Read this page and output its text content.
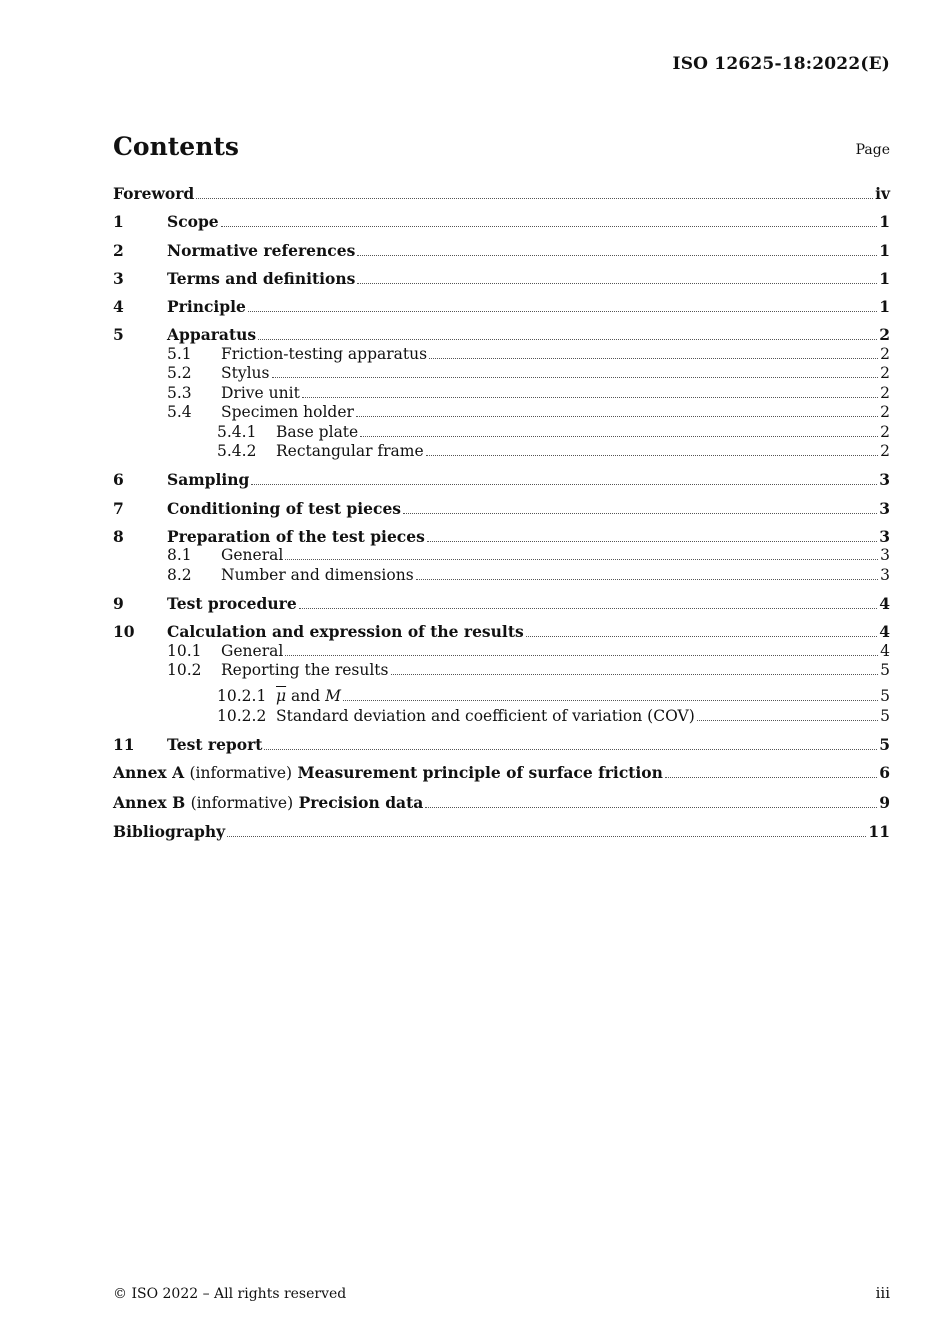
ISO 12625-18:2022(E)
Contents	Page
Foreword	iv
1	Scope	1
2	Normative references	1
3	Terms and definitions	1
4	Principle	1
5	Apparatus	2
5.1	Friction-testing apparatus	2
5.2	Stylus	2
5.3	Drive unit	2
5.4	Specimen holder	2
5.4.1	Base plate	2
5.4.2	Rectangular frame	2
6	Sampling	3
7	Conditioning of test pieces	3
8	Preparation of the test pieces	3
8.1	General	3
8.2	Number and dimensions	3
9	Test procedure	4
10	Calculation and expression of the results	4
10.1	General	4
10.2	Reporting the results	5
10.2.1 $\overline{\mu}$ and M	5
10.2.2 Standard deviation and coefficient of variation (COV)	5
11	Test report	5
Annex A (informative) Measurement principle of surface friction	6
Annex B (informative) Precision data	9
Bibliography	11
© ISO 2022 – All rights reserved	iii
